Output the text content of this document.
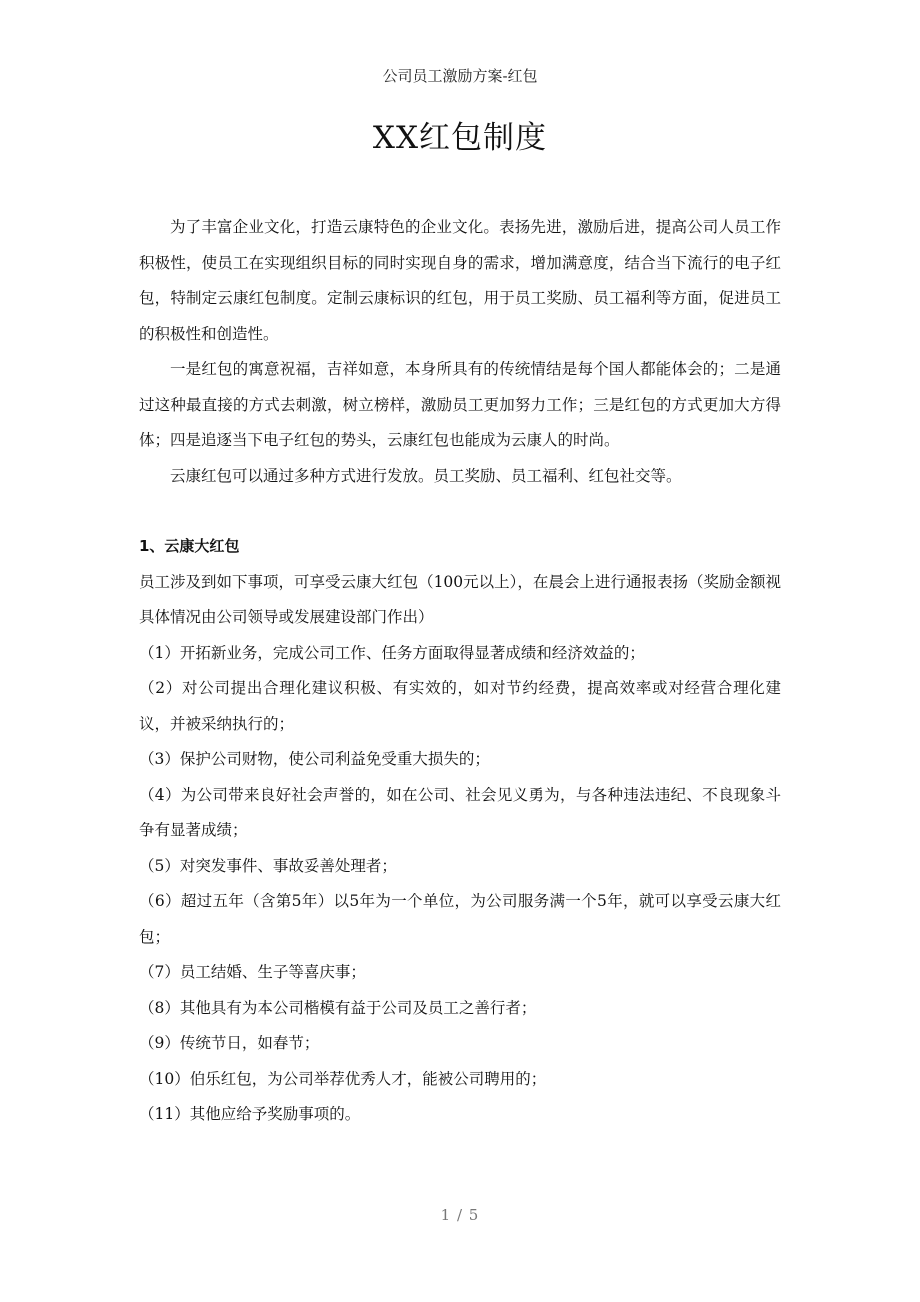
公司员工激励方案-红包
XX红包制度

为了丰富企业文化，打造云康特色的企业文化。表扬先进，激励后进，提高公司人员工作积极性，使员工在实现组织目标的同时实现自身的需求，增加满意度，结合当下流行的电子红包，特制定云康红包制度。定制云康标识的红包，用于员工奖励、员工福利等方面，促进员工的积极性和创造性。

一是红包的寓意祝福，吉祥如意，本身所具有的传统情结是每个国人都能体会的；二是通过这种最直接的方式去刺激，树立榜样，激励员工更加努力工作；三是红包的方式更加大方得体；四是追逐当下电子红包的势头，云康红包也能成为云康人的时尚。

云康红包可以通过多种方式进行发放。员工奖励、员工福利、红包社交等。

1、云康大红包

员工涉及到如下事项，可享受云康大红包（100元以上），在晨会上进行通报表扬（奖励金额视具体情况由公司领导或发展建设部门作出）

（1）开拓新业务，完成公司工作、任务方面取得显著成绩和经济效益的；

（2）对公司提出合理化建议积极、有实效的，如对节约经费，提高效率或对经营合理化建议，并被采纳执行的；

（3）保护公司财物，使公司利益免受重大损失的；

（4）为公司带来良好社会声誉的，如在公司、社会见义勇为，与各种违法违纪、不良现象斗争有显著成绩；

（5）对突发事件、事故妥善处理者；

（6）超过五年（含第5年）以5年为一个单位，为公司服务满一个5年，就可以享受云康大红包；

（7）员工结婚、生子等喜庆事；

（8）其他具有为本公司楷模有益于公司及员工之善行者；

（9）传统节日，如春节；

（10）伯乐红包，为公司举荐优秀人才，能被公司聘用的；

（11）其他应给予奖励事项的。

1 / 5
